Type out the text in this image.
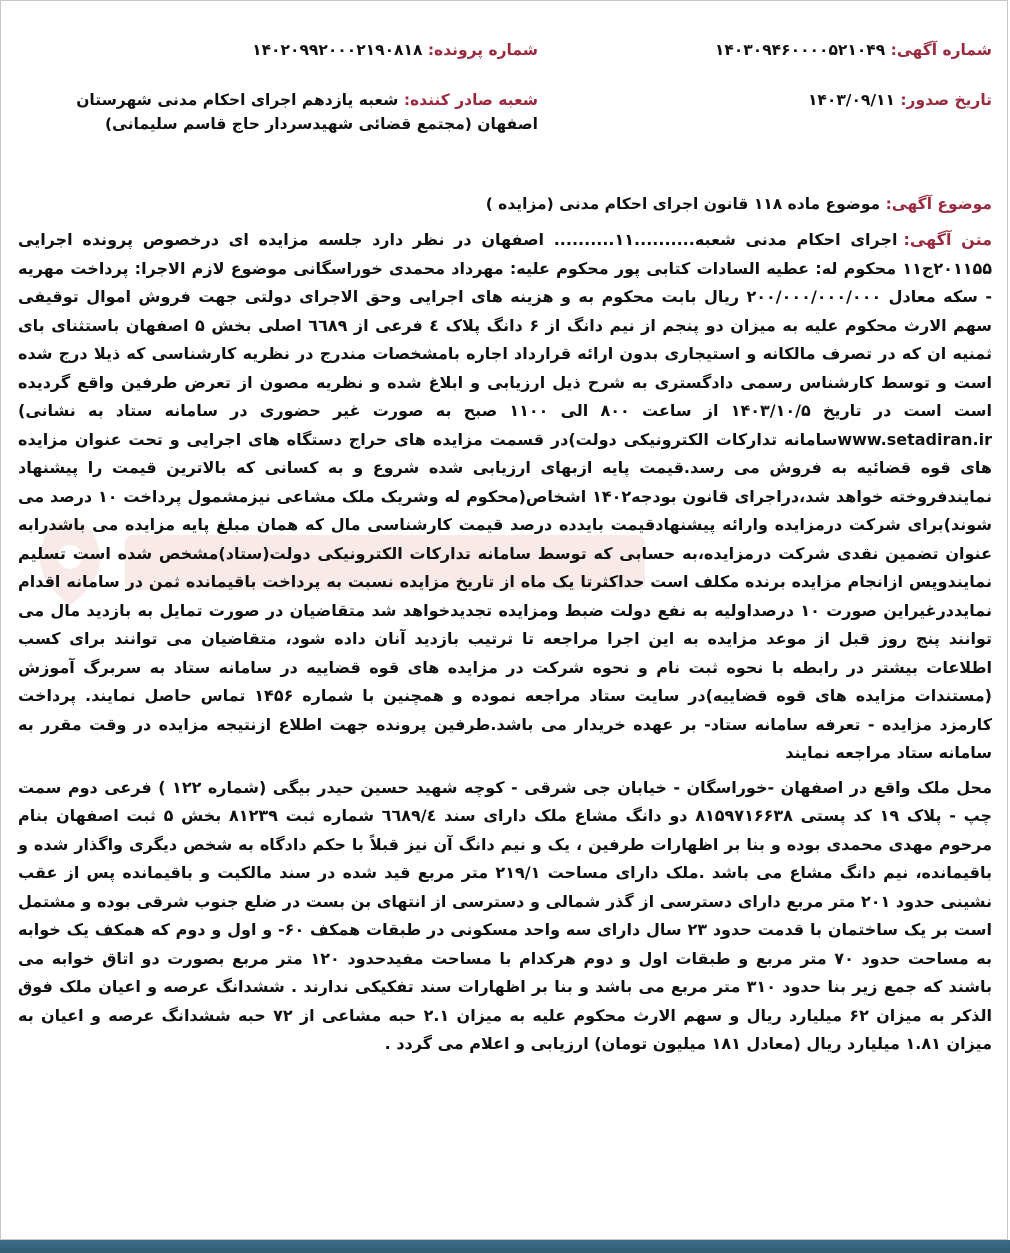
شماره آگهی: ۱۴۰۳۰۹۴۶۰۰۰۰۵۲۱۰۴۹
شماره پرونده: ۱۴۰۲۰۹۹۲۰۰۰۲۱۹۰۸۱۸
تاریخ صدور: ۱۴۰۳/۰۹/۱۱
شعبه صادر کننده: شعبه یازدهم اجرای احکام مدنی شهرستان اصفهان (مجتمع قضائی شهیدسردار حاج قاسم سلیمانی)
موضوع آگهی: موضوع ماده ۱۱۸ قانون اجرای احکام مدنی (مزایده )
متن آگهی:اجرای احکام مدنی شعبه..........۱۱.......... اصفهان در نظر دارد جلسه مزایده ای درخصوص پرونده اجرایی ۲۰۱۱۵۵ج۱۱ محکوم له: عطیه السادات کتابی پور محکوم علیه: مهرداد محمدی خوراسگانی موضوع لازم الاجرا: پرداخت مهریه - سکه معادل ۲۰۰/۰۰۰/۰۰۰/۰۰۰ ریال بابت محکوم به و هزینه های اجرایی وحق الاجرای دولتی جهت فروش اموال توقیفی سهم الارث محکوم علیه به میزان دو پنجم از نیم دانگ از ۶ دانگ پلاک ٤ فرعی از ٦٦٨٩ اصلی بخش ۵ اصفهان باستثنای بای ثمنیه ان که در تصرف مالکانه و استیجاری بدون ارائه قرارداد اجاره بامشخصات مندرج در نظریه کارشناسی که ذیلا درج شده است و توسط کارشناس رسمی دادگستری به شرح ذیل ارزیابی و ابلاغ شده و نظریه مصون از تعرض طرفین واقع گردیده است است در تاریخ ۱۴۰۳/۱۰/۵ از ساعت ۸۰۰ الی ۱۱۰۰ صبح به صورت غیر حضوری در سامانه ستاد به نشانی) www.setadiran.irسامانه تدارکات الکترونیکی دولت)در قسمت مزایده های حراج دستگاه های اجرایی و تحت عنوان مزایده های قوه قضائیه به فروش می رسد.قیمت پایه ازبهای ارزیابی شده شروع و به کسانی که بالاترین قیمت را پیشنهاد نمایندفروخته خواهد شد،دراجرای قانون بودجه۱۴۰۲ اشخاص(محکوم له وشریک ملک مشاعی نیزمشمول پرداخت ۱۰ درصد می شوند)برای شرکت درمزایده وارائه پیشنهادقیمت بایدده درصد قیمت کارشناسی مال که همان مبلغ پایه مزایده می باشدرابه عنوان تضمین نقدی شرکت درمزایده،به حسابی که توسط سامانه تدارکات الکترونیکی دولت(ستاد)مشخص شده است تسلیم نمایندوپس ازانجام مزایده برنده مکلف است حداکثرتا یک ماه از تاریخ مزایده نسبت به پرداخت باقیمانده ثمن در سامانه اقدام نمایددرغیراین صورت ۱۰ درصداولیه به نفع دولت ضبط ومزایده تجدیدخواهد شد متقاضیان در صورت تمایل به بازدید مال می توانند پنج روز قبل از موعد مزایده به این اجرا مراجعه تا ترتیب بازدید آنان داده شود، متقاضیان می توانند برای کسب اطلاعات بیشتر در رابطه با نحوه ثبت نام و نحوه شرکت در مزایده های قوه قضاییه در سامانه ستاد به سربرگ آموزش (مستندات مزایده های قوه قضاییه)در سایت ستاد مراجعه نموده و همچنین با شماره ۱۴۵۶ تماس حاصل نمایند. پرداخت کارمزد مزایده - تعرفه سامانه ستاد- بر عهده خریدار می باشد.طرفین پرونده جهت اطلاع ازنتیجه مزایده در وقت مقرر به سامانه ستاد مراجعه نمایند
محل ملک واقع در اصفهان -خوراسگان - خیابان جی شرقی - کوچه شهید حسین حیدر بیگی (شماره ۱۲۲ ) فرعی دوم سمت چپ - پلاک ۱۹ کد پستی ۸۱۵۹۷۱۶۶۳۸ دو دانگ مشاع ملک دارای سند ٦٦٨٩/٤ شماره ثبت ۸۱۲۳۹ بخش ۵ ثبت اصفهان بنام مرحوم مهدی محمدی بوده و بنا بر اظهارات طرفین ، یک و نیم دانگ آن نیز قبلاً با حکم دادگاه به شخص دیگری واگذار شده و باقیمانده، نیم دانگ مشاع می باشد .ملک دارای مساحت ۲۱۹/۱ متر مربع قید شده در سند مالکیت و باقیمانده پس از عقب نشینی حدود ۲۰۱ متر مربع دارای دسترسی از گذر شمالی و دسترسی از انتهای بن بست در ضلع جنوب شرقی بوده و مشتمل است بر یک ساختمان با قدمت حدود ۲۳ سال دارای سه واحد مسکونی در طبقات همکف ۶۰- و اول و دوم که همکف یک خوابه به مساحت حدود ۷۰ متر مربع و طبقات اول و دوم هرکدام با مساحت مفیدحدود ۱۲۰ متر مربع بصورت دو اتاق خوابه می باشند که جمع زیر بنا حدود ۳۱۰ متر مربع می باشد و بنا بر اظهارات سند تفکیکی ندارند . ششدانگ عرصه و اعیان ملک فوق الذکر به میزان ۶۲ میلیارد ریال و سهم الارث محکوم علیه به میزان ۲.۱ حبه مشاعی از ۷۲ حبه ششدانگ عرصه و اعیان به میزان ۱.۸۱ میلیارد ریال (معادل ۱۸۱ میلیون تومان) ارزیابی و اعلام می گردد .
